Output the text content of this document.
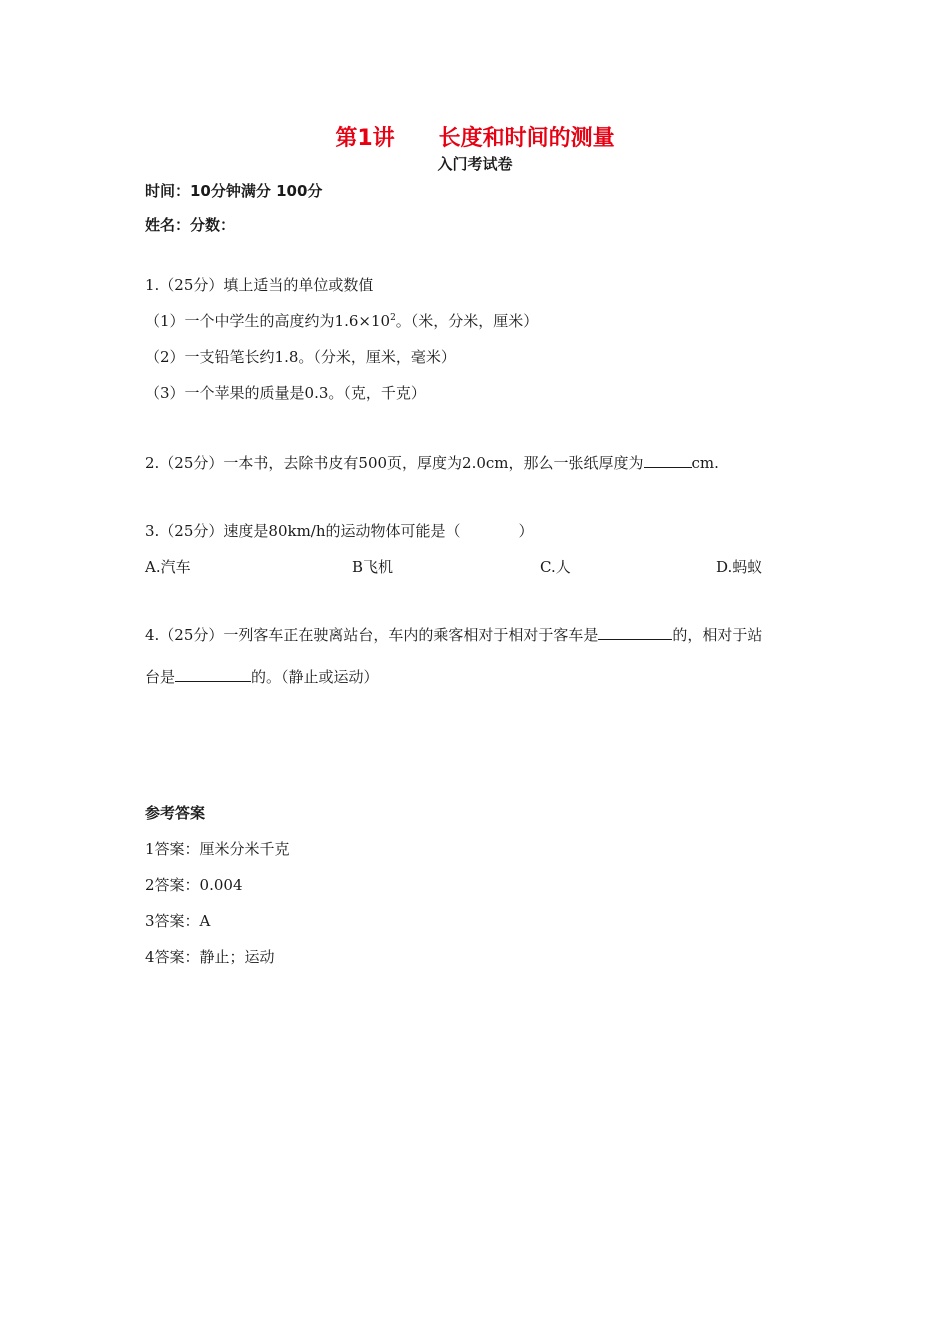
第1讲 长度和时间的测量
入门考试卷
时间：10分钟满分 100分
姓名：分数：
1.（25分）填上适当的单位或数值
（1）一个中学生的高度约为$1.6\times 10^2$。（米，分米，厘米）
（2）一支铅笔长约1.8。（分米，厘米，毫米）
（3）一个苹果的质量是0.3。（克，千克）
2.（25分）一本书，去除书皮有500页，厚度为2.0cm，那么一张纸厚度为	cm.
3.（25分）速度是80km/h的运动物体可能是（	）
A.汽车	B飞机	C.人	D.蚂蚁
4.（25分）一列客车正在驶离站台，车内的乘客相对于相对于客车是	的，相对于站
台是	的。（静止或运动）
参考答案
1答案：厘米分米千克
2答案：0.004
3答案：A
4答案：静止；运动
